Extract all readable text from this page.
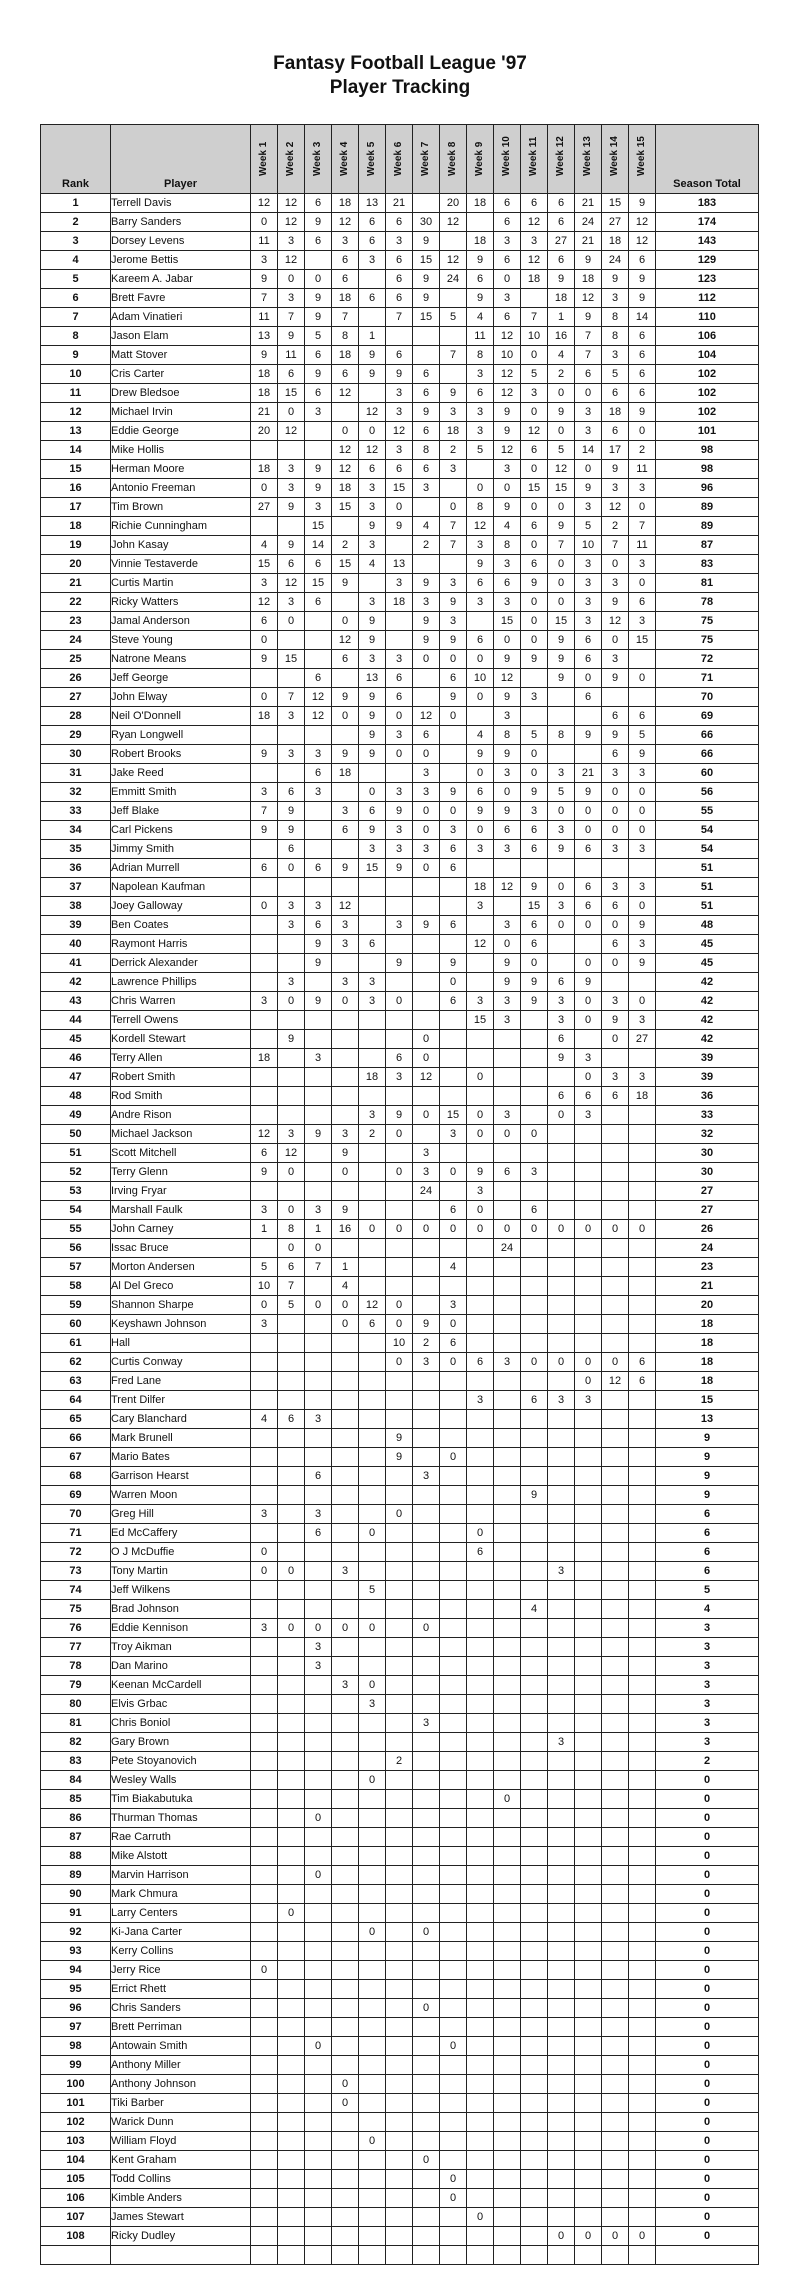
Fantasy Football League '97
Player Tracking
Rank	Player	Week 1	Week 2	Week 3	Week 4	Week 5	Week 6	Week 7	Week 8	Week 9	Week 10	Week 11	Week 12	Week 13	Week 14	Week 15	Season Total
1	Terrell Davis	12	12	6	18	13	21		20	18	6	6	6	21	15	9	183
2	Barry Sanders	0	12	9	12	6	6	30	12		6	12	6	24	27	12	174
3	Dorsey Levens	11	3	6	3	6	3	9		18	3	3	27	21	18	12	143
4	Jerome Bettis	3	12		6	3	6	15	12	9	6	12	6	9	24	6	129
5	Kareem A. Jabar	9	0	0	6		6	9	24	6	0	18	9	18	9	9	123
6	Brett Favre	7	3	9	18	6	6	9		9	3		18	12	3	9	112
7	Adam Vinatieri	11	7	9	7		7	15	5	4	6	7	1	9	8	14	110
8	Jason Elam	13	9	5	8	1				11	12	10	16	7	8	6	106
9	Matt Stover	9	11	6	18	9	6		7	8	10	0	4	7	3	6	104
10	Cris Carter	18	6	9	6	9	9	6		3	12	5	2	6	5	6	102
11	Drew Bledsoe	18	15	6	12		3	6	9	6	12	3	0	0	6	6	102
12	Michael Irvin	21	0	3		12	3	9	3	3	9	0	9	3	18	9	102
13	Eddie George	20	12		0	0	12	6	18	3	9	12	0	3	6	0	101
14	Mike Hollis				12	12	3	8	2	5	12	6	5	14	17	2	98
15	Herman Moore	18	3	9	12	6	6	6	3		3	0	12	0	9	11	98
16	Antonio Freeman	0	3	9	18	3	15	3		0	0	15	15	9	3	3	96
17	Tim Brown	27	9	3	15	3	0		0	8	9	0	0	3	12	0	89
18	Richie Cunningham			15		9	9	4	7	12	4	6	9	5	2	7	89
19	John Kasay	4	9	14	2	3		2	7	3	8	0	7	10	7	11	87
20	Vinnie Testaverde	15	6	6	15	4	13			9	3	6	0	3	0	3	83
21	Curtis Martin	3	12	15	9		3	9	3	6	6	9	0	3	3	0	81
22	Ricky Watters	12	3	6		3	18	3	9	3	3	0	0	3	9	6	78
23	Jamal Anderson	6	0		0	9		9	3		15	0	15	3	12	3	75
24	Steve Young	0			12	9		9	9	6	0	0	9	6	0	15	75
25	Natrone Means	9	15		6	3	3	0	0	0	9	9	9	6	3		72
26	Jeff George			6		13	6		6	10	12		9	0	9	0	71
27	John Elway	0	7	12	9	9	6		9	0	9	3		6			70
28	Neil O'Donnell	18	3	12	0	9	0	12	0		3				6	6	69
29	Ryan Longwell					9	3	6		4	8	5	8	9	9	5	66
30	Robert Brooks	9	3	3	9	9	0	0		9	9	0			6	9	66
31	Jake Reed			6	18			3		0	3	0	3	21	3	3	60
32	Emmitt Smith	3	6	3		0	3	3	9	6	0	9	5	9	0	0	56
33	Jeff Blake	7	9		3	6	9	0	0	9	9	3	0	0	0	0	55
34	Carl Pickens	9	9		6	9	3	0	3	0	6	6	3	0	0	0	54
35	Jimmy Smith		6			3	3	3	6	3	3	6	9	6	3	3	54
36	Adrian Murrell	6	0	6	9	15	9	0	6								51
37	Napolean Kaufman									18	12	9	0	6	3	3	51
38	Joey Galloway	0	3	3	12					3		15	3	6	6	0	51
39	Ben Coates		3	6	3		3	9	6		3	6	0	0	0	9	48
40	Raymont Harris			9	3	6				12	0	6			6	3	45
41	Derrick Alexander			9			9		9		9	0		0	0	9	45
42	Lawrence Phillips		3		3	3			0		9	9	6	9			42
43	Chris Warren	3	0	9	0	3	0		6	3	3	9	3	0	3	0	42
44	Terrell Owens									15	3		3	0	9	3	42
45	Kordell Stewart		9					0					6		0	27	42
46	Terry Allen	18		3			6	0					9	3			39
47	Robert Smith					18	3	12		0				0	3	3	39
48	Rod Smith												6	6	6	18	36
49	Andre Rison					3	9	0	15	0	3		0	3			33
50	Michael Jackson	12	3	9	3	2	0		3	0	0	0					32
51	Scott Mitchell	6	12		9			3									30
52	Terry Glenn	9	0		0		0	3	0	9	6	3					30
53	Irving Fryar							24		3							27
54	Marshall Faulk	3	0	3	9				6	0		6					27
55	John Carney	1	8	1	16	0	0	0	0	0	0	0	0	0	0	0	26
56	Issac Bruce		0	0							24						24
57	Morton Andersen	5	6	7	1				4								23
58	Al Del Greco	10	7		4												21
59	Shannon Sharpe	0	5	0	0	12	0		3								20
60	Keyshawn Johnson	3			0	6	0	9	0								18
61	Hall						10	2	6								18
62	Curtis Conway						0	3	0	6	3	0	0	0	0	6	18
63	Fred Lane													0	12	6	18
64	Trent Dilfer									3		6	3	3			15
65	Cary Blanchard	4	6	3													13
66	Mark Brunell						9										9
67	Mario Bates						9		0								9
68	Garrison Hearst			6				3									9
69	Warren Moon											9					9
70	Greg Hill	3		3			0										6
71	Ed McCaffery			6		0				0							6
72	O J McDuffie	0								6							6
73	Tony Martin	0	0		3								3				6
74	Jeff Wilkens					5											5
75	Brad Johnson											4					4
76	Eddie Kennison	3	0	0	0	0		0									3
77	Troy Aikman			3													3
78	Dan Marino			3													3
79	Keenan McCardell				3	0											3
80	Elvis Grbac					3											3
81	Chris Boniol							3									3
82	Gary Brown												3				3
83	Pete Stoyanovich						2										2
84	Wesley Walls					0											0
85	Tim Biakabutuka										0						0
86	Thurman Thomas			0													0
87	Rae Carruth																0
88	Mike Alstott																0
89	Marvin Harrison			0													0
90	Mark Chmura																0
91	Larry Centers		0														0
92	Ki-Jana Carter					0		0									0
93	Kerry Collins																0
94	Jerry Rice	0															0
95	Errict Rhett																0
96	Chris Sanders							0									0
97	Brett Perriman																0
98	Antowain Smith			0					0								0
99	Anthony Miller																0
100	Anthony Johnson				0												0
101	Tiki Barber				0												0
102	Warick Dunn																0
103	William Floyd					0											0
104	Kent Graham							0									0
105	Todd Collins								0								0
106	Kimble Anders								0								0
107	James Stewart									0							0
108	Ricky Dudley												0	0	0	0	0
